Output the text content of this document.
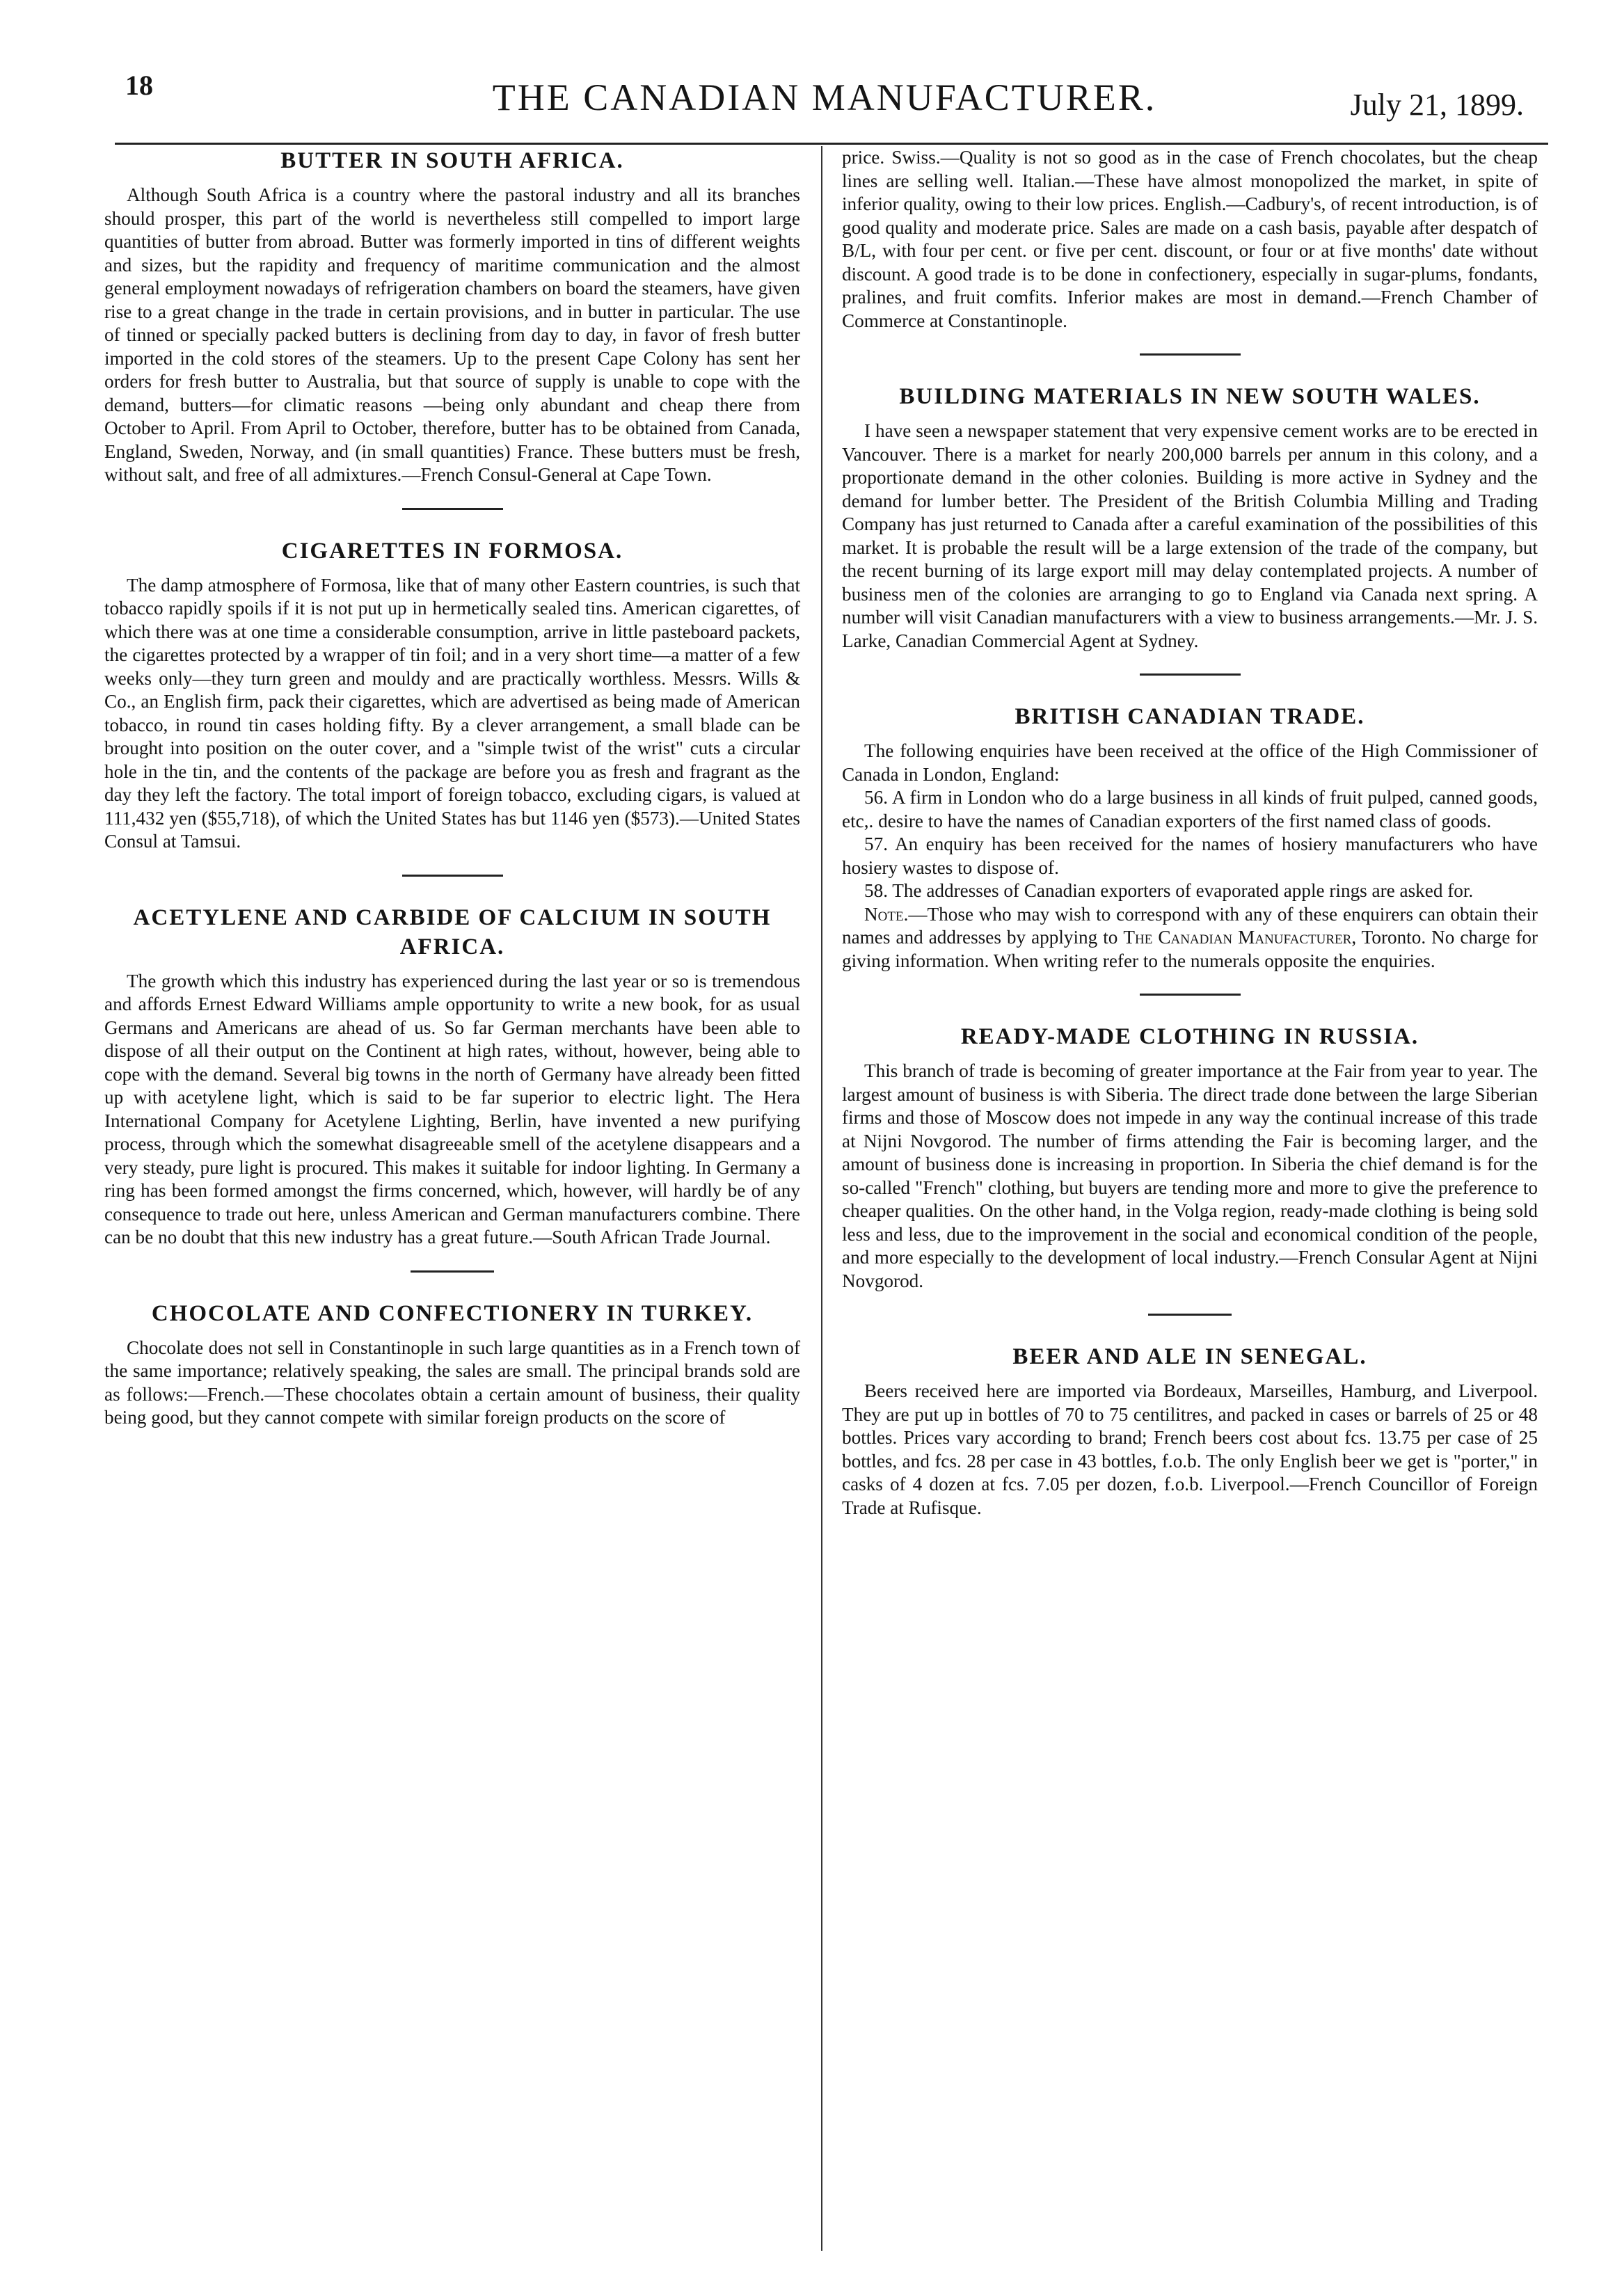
18	THE CANADIAN MANUFACTURER.	July 21, 1899.
BUTTER IN SOUTH AFRICA.

Although South Africa is a country where the pastoral industry and all its branches should prosper, this part of the world is nevertheless still compelled to import large quantities of butter from abroad. Butter was formerly imported in tins of different weights and sizes, but the rapidity and frequency of maritime communication and the almost general employment nowadays of refrigeration chambers on board the steamers, have given rise to a great change in the trade in certain provisions, and in butter in particular. The use of tinned or specially packed butters is declining from day to day, in favor of fresh butter imported in the cold stores of the steamers. Up to the present Cape Colony has sent her orders for fresh butter to Australia, but that source of supply is unable to cope with the demand, butters—for climatic reasons —being only abundant and cheap there from October to April. From April to October, therefore, butter has to be obtained from Canada, England, Sweden, Norway, and (in small quantities) France. These butters must be fresh, without salt, and free of all admixtures.—French Consul-General at Cape Town.

CIGARETTES IN FORMOSA.

The damp atmosphere of Formosa, like that of many other Eastern countries, is such that tobacco rapidly spoils if it is not put up in hermetically sealed tins. American cigarettes, of which there was at one time a considerable consumption, arrive in little pasteboard packets, the cigarettes protected by a wrapper of tin foil; and in a very short time—a matter of a few weeks only—they turn green and mouldy and are practically worthless. Messrs. Wills & Co., an English firm, pack their cigarettes, which are advertised as being made of American tobacco, in round tin cases holding fifty. By a clever arrangement, a small blade can be brought into position on the outer cover, and a "simple twist of the wrist" cuts a circular hole in the tin, and the contents of the package are before you as fresh and fragrant as the day they left the factory. The total import of foreign tobacco, excluding cigars, is valued at 111,432 yen ($55,718), of which the United States has but 1146 yen ($573).—United States Consul at Tamsui.

ACETYLENE AND CARBIDE OF CALCIUM IN SOUTH AFRICA.

The growth which this industry has experienced during the last year or so is tremendous and affords Ernest Edward Williams ample opportunity to write a new book, for as usual Germans and Americans are ahead of us. So far German merchants have been able to dispose of all their output on the Continent at high rates, without, however, being able to cope with the demand. Several big towns in the north of Germany have already been fitted up with acetylene light, which is said to be far superior to electric light. The Hera International Company for Acetylene Lighting, Berlin, have invented a new purifying process, through which the somewhat disagreeable smell of the acetylene disappears and a very steady, pure light is procured. This makes it suitable for indoor lighting. In Germany a ring has been formed amongst the firms concerned, which, however, will hardly be of any consequence to trade out here, unless American and German manufacturers combine. There can be no doubt that this new industry has a great future.—South African Trade Journal.

CHOCOLATE AND CONFECTIONERY IN TURKEY.

Chocolate does not sell in Constantinople in such large quantities as in a French town of the same importance; relatively speaking, the sales are small. The principal brands sold are as follows:—French.—These chocolates obtain a certain amount of business, their quality being good, but they cannot compete with similar foreign products on the score of

price. Swiss.—Quality is not so good as in the case of French chocolates, but the cheap lines are selling well. Italian.—These have almost monopolized the market, in spite of inferior quality, owing to their low prices. English.—Cadbury's, of recent introduction, is of good quality and moderate price. Sales are made on a cash basis, payable after despatch of B/L, with four per cent. or five per cent. discount, or four or at five months' date without discount. A good trade is to be done in confectionery, especially in sugar-plums, fondants, pralines, and fruit comfits. Inferior makes are most in demand.—French Chamber of Commerce at Constantinople.

BUILDING MATERIALS IN NEW SOUTH WALES.

I have seen a newspaper statement that very expensive cement works are to be erected in Vancouver. There is a market for nearly 200,000 barrels per annum in this colony, and a proportionate demand in the other colonies. Building is more active in Sydney and the demand for lumber better. The President of the British Columbia Milling and Trading Company has just returned to Canada after a careful examination of the possibilities of this market. It is probable the result will be a large extension of the trade of the company, but the recent burning of its large export mill may delay contemplated projects. A number of business men of the colonies are arranging to go to England via Canada next spring. A number will visit Canadian manufacturers with a view to business arrangements.—Mr. J. S. Larke, Canadian Commercial Agent at Sydney.

BRITISH CANADIAN TRADE.

The following enquiries have been received at the office of the High Commissioner of Canada in London, England:

56. A firm in London who do a large business in all kinds of fruit pulped, canned goods, etc,. desire to have the names of Canadian exporters of the first named class of goods.

57. An enquiry has been received for the names of hosiery manufacturers who have hosiery wastes to dispose of.

58. The addresses of Canadian exporters of evaporated apple rings are asked for.

Note.—Those who may wish to correspond with any of these enquirers can obtain their names and addresses by applying to The Canadian Manufacturer, Toronto. No charge for giving information. When writing refer to the numerals opposite the enquiries.

READY-MADE CLOTHING IN RUSSIA.

This branch of trade is becoming of greater importance at the Fair from year to year. The largest amount of business is with Siberia. The direct trade done between the large Siberian firms and those of Moscow does not impede in any way the continual increase of this trade at Nijni Novgorod. The number of firms attending the Fair is becoming larger, and the amount of business done is increasing in proportion. In Siberia the chief demand is for the so-called "French" clothing, but buyers are tending more and more to give the preference to cheaper qualities. On the other hand, in the Volga region, ready-made clothing is being sold less and less, due to the improvement in the social and economical condition of the people, and more especially to the development of local industry.—French Consular Agent at Nijni Novgorod.

BEER AND ALE IN SENEGAL.

Beers received here are imported via Bordeaux, Marseilles, Hamburg, and Liverpool. They are put up in bottles of 70 to 75 centilitres, and packed in cases or barrels of 25 or 48 bottles. Prices vary according to brand; French beers cost about fcs. 13.75 per case of 25 bottles, and fcs. 28 per case in 43 bottles, f.o.b. The only English beer we get is "porter," in casks of 4 dozen at fcs. 7.05 per dozen, f.o.b. Liverpool.—French Councillor of Foreign Trade at Rufisque.
